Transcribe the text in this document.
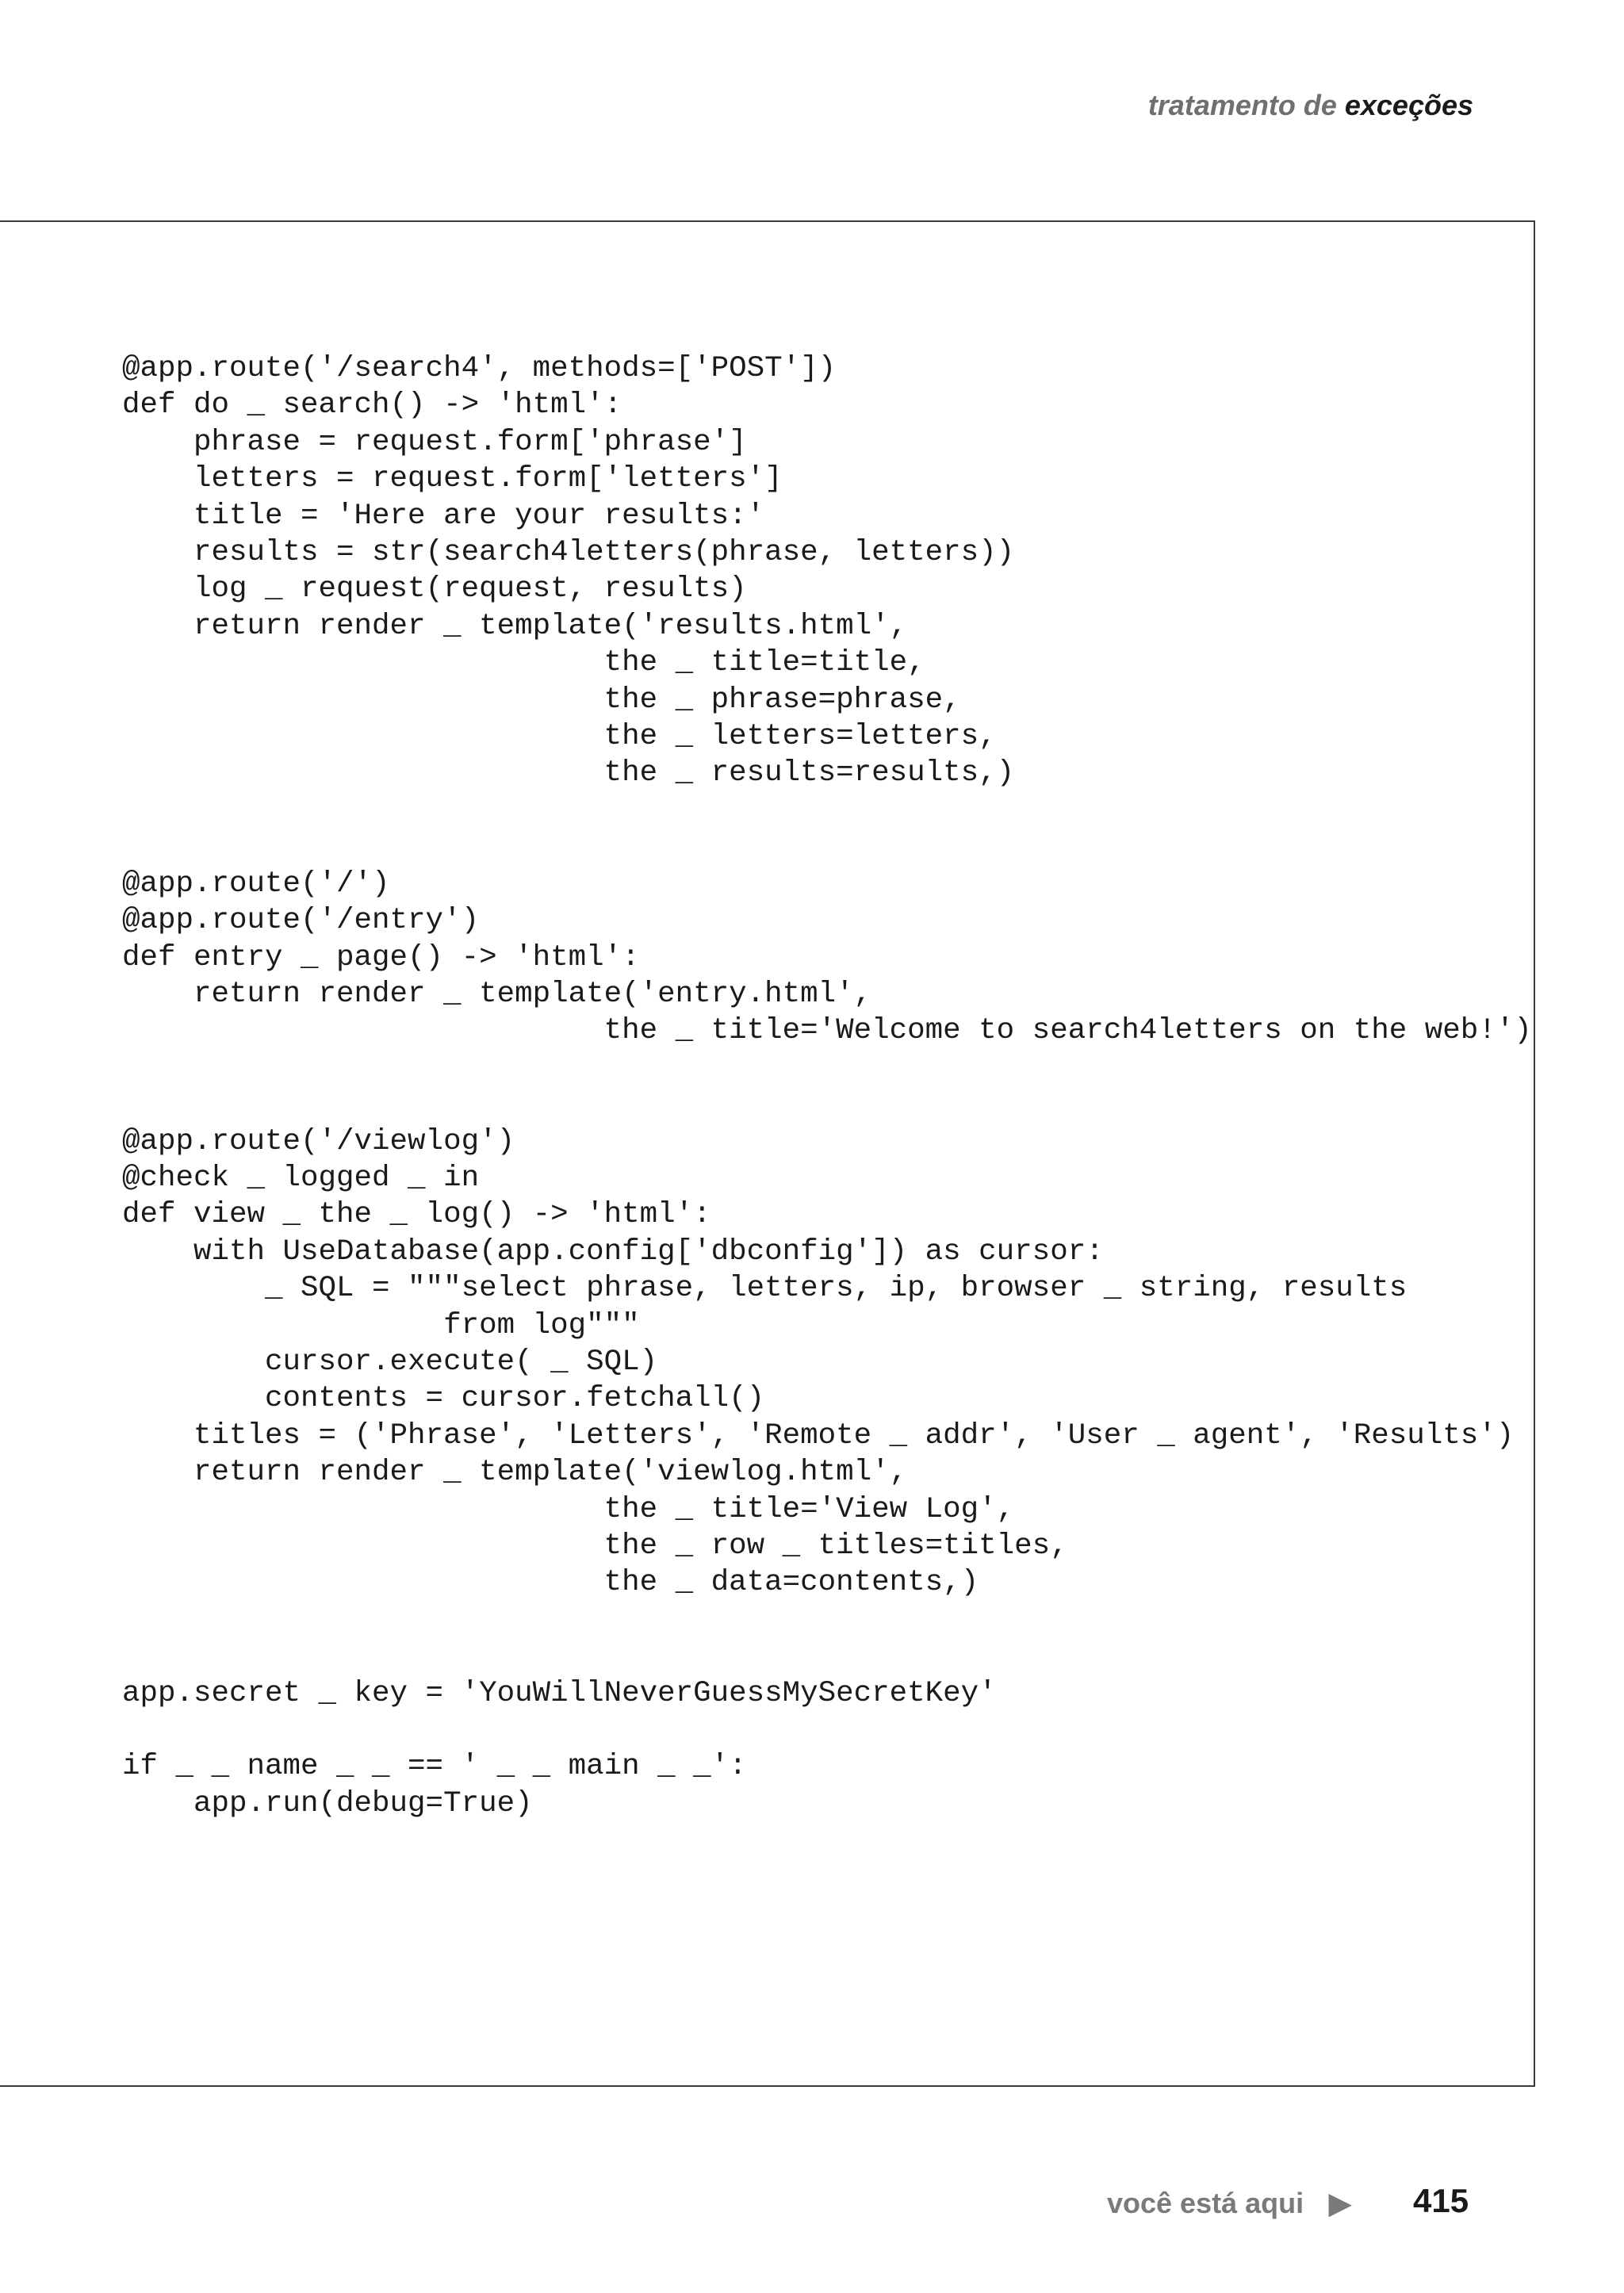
tratamento de exceções
@app.route('/search4', methods=['POST'])
def do _ search() -> 'html':
phrase = request.form['phrase']
letters = request.form['letters']
title = 'Here are your results:'
results = str(search4letters(phrase, letters))
log _ request(request, results)
return render _ template('results.html',
the _ title=title,
the _ phrase=phrase,
the _ letters=letters,
the _ results=results,)

@app.route('/')
@app.route('/entry')
def entry _ page() -> 'html':
return render _ template('entry.html',
the _ title='Welcome to search4letters on the web!')

@app.route('/viewlog')
@check _ logged _ in
def view _ the _ log() -> 'html':
with UseDatabase(app.config['dbconfig']) as cursor:
_ SQL = """select phrase, letters, ip, browser _ string, results
from log"""
cursor.execute( _ SQL)
contents = cursor.fetchall()
titles = ('Phrase', 'Letters', 'Remote _ addr', 'User _ agent', 'Results')
return render _ template('viewlog.html',
the _ title='View Log',
the _ row _ titles=titles,
the _ data=contents,)

app.secret _ key = 'YouWillNeverGuessMySecretKey'

if _ _ name _ _ == ' _ _ main _ _':
app.run(debug=True)
você está aqui ▶ 415
